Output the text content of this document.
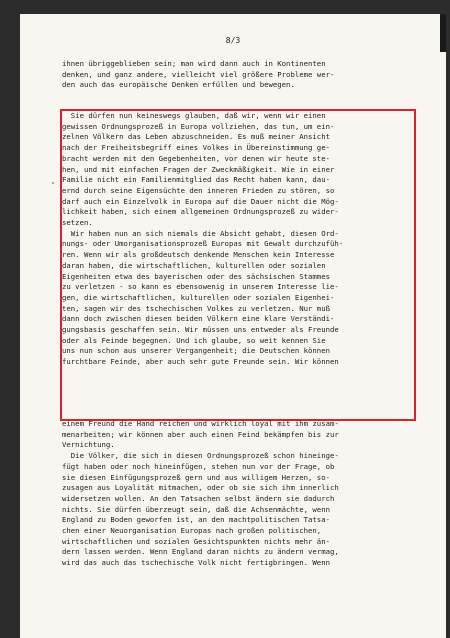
8/3
ihnen übriggeblieben sein; man wird dann auch in Kontinenten
denken, und ganz andere, vielleicht viel größere Probleme wer-
den auch das europäische Denken erfüllen und bewegen.
Sie dürfen nun keineswegs glauben, daß wir, wenn wir einen
gewissen Ordnungsprozeß in Europa vollziehen, das tun, um ein-
zelnen Völkern das Leben abzuschneiden. Es muß meiner Ansicht
nach der Freiheitsbegriff eines Volkes in Übereinstimmung ge-
bracht werden mit den Gegebenheiten, vor denen wir heute ste-
hen, und mit einfachen Fragen der Zweckmäßigkeit. Wie in einer
Familie nicht ein Familienmitglied das Recht haben kann, dau-
ernd durch seine Eigensüchte den inneren Frieden zu stören, so
darf auch ein Einzelvolk in Europa auf die Dauer nicht die Mög-
lichkeit haben, sich einem allgemeinen Ordnungsprozeß zu wider-
setzen.
Wir haben nun an sich niemals die Absicht gehabt, diesen Ord-
nungs- oder Umorganisationsprozeß Europas mit Gewalt durchzufüh-
ren. Wenn wir als großdeutsch denkende Menschen kein Interesse
daran haben, die wirtschaftlichen, kulturellen oder sozialen
Eigenheiten etwa des bayerischen oder des sächsischen Stammes
zu verletzen - so kann es ebensowenig in unserem Interesse lie-
gen, die wirtschaftlichen, kulturellen oder sozialen Eigenhei-
ten, sagen wir des tschechischen Volkes zu verletzen. Nur muß
dann doch zwischen diesen beiden Völkern eine klare Verständi-
gungsbasis geschaffen sein. Wir müssen uns entweder als Freunde
oder als Feinde begegnen. Und ich glaube, so weit kennen Sie
uns nun schon aus unserer Vergangenheit; die Deutschen können
furchtbare Feinde, aber auch sehr gute Freunde sein. Wir können
einem Freund die Hand reichen und wirklich loyal mit ihm zusam-
menarbeiten; wir können aber auch einen Feind bekämpfen bis zur
Vernichtung.
Die Völker, die sich in diesen Ordnungsprozeß schon hineinge-
fügt haben oder noch hineinfügen, stehen nun vor der Frage, ob
sie diesen Einfügungsprozeß gern und aus willigem Herzen, so-
zusagen aus Loyalität mitmachen, oder ob sie sich ihm innerlich
widersetzen wollen. An den Tatsachen selbst ändern sie dadurch
nichts. Sie dürfen überzeugt sein, daß die Achsenmächte, wenn
England zu Boden geworfen ist, an den machtpolitischen Tatsa-
chen einer Neuorganisation Europas nach großen politischen,
wirtschaftlichen und sozialen Gesichtspunkten nichts mehr än-
dern lassen werden. Wenn England daran nichts zu ändern vermag,
wird das auch das tschechische Volk nicht fertigbringen. Wenn
